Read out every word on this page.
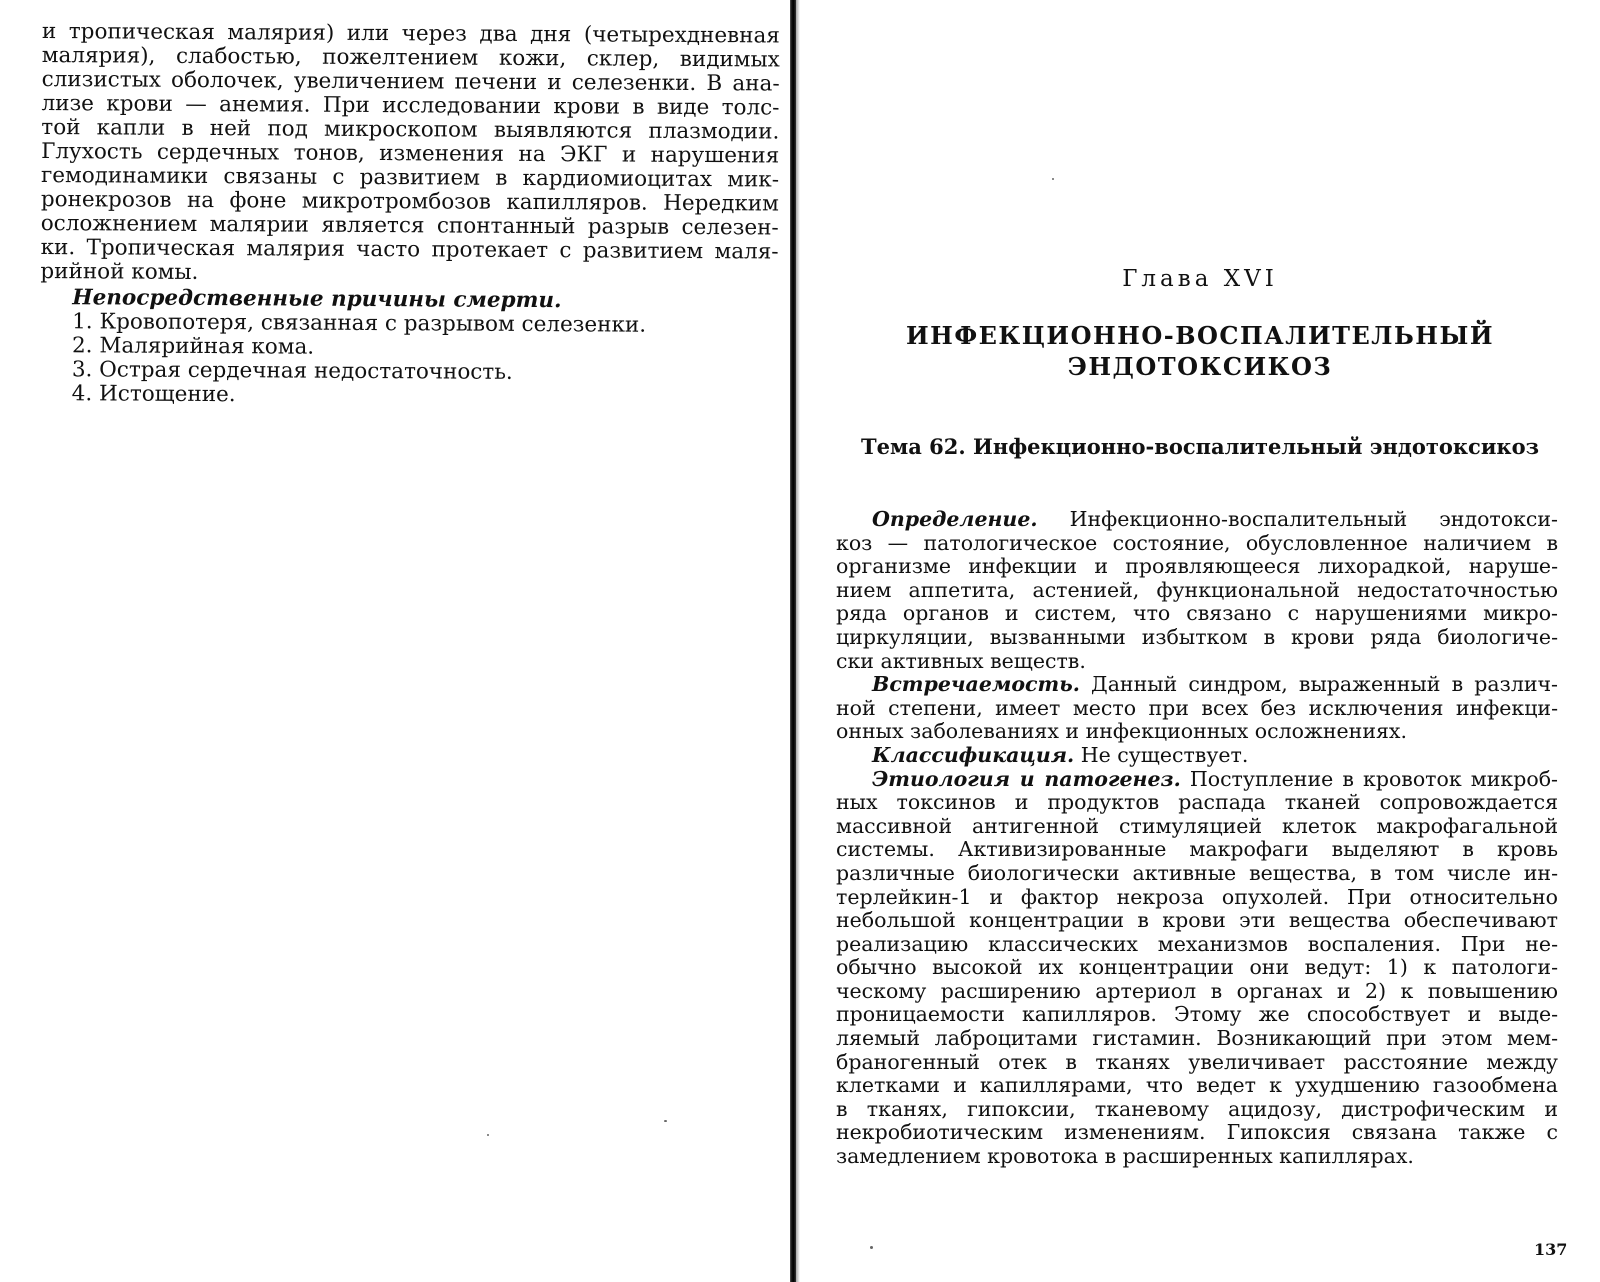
и тропическая малярия) или через два дня (четырехдневная
малярия), слабостью, пожелтением кожи, склер, видимых
слизистых оболочек, увеличением печени и селезенки. В ана-
лизе крови — анемия. При исследовании крови в виде толс-
той капли в ней под микроскопом выявляются плазмодии.
Глухость сердечных тонов, изменения на ЭКГ и нарушения
гемодинамики связаны с развитием в кардиомиоцитах мик-
ронекрозов на фоне микротромбозов капилляров. Нередким
осложнением малярии является спонтанный разрыв селезен-
ки. Тропическая малярия часто протекает с развитием маля-
рийной комы.
Непосредственные причины смерти.
1. Кровопотеря, связанная с разрывом селезенки.
2. Малярийная кома.
3. Острая сердечная недостаточность.
4. Истощение.
Глава XVI
ИНФЕКЦИОННО-ВОСПАЛИТЕЛЬНЫЙ
ЭНДОТОКСИКОЗ
Тема 62. Инфекционно-воспалительный эндотоксикоз
Определение. Инфекционно-воспалительный эндотокси-
коз — патологическое состояние, обусловленное наличием в
организме инфекции и проявляющееся лихорадкой, наруше-
нием аппетита, астенией, функциональной недостаточностью
ряда органов и систем, что связано с нарушениями микро-
циркуляции, вызванными избытком в крови ряда биологиче-
ски активных веществ.
Встречаемость. Данный синдром, выраженный в различ-
ной степени, имеет место при всех без исключения инфекци-
онных заболеваниях и инфекционных осложнениях.
Классификация. Не существует.
Этиология и патогенез. Поступление в кровоток микроб-
ных токсинов и продуктов распада тканей сопровождается
массивной антигенной стимуляцией клеток макрофагальной
системы. Активизированные макрофаги выделяют в кровь
различные биологически активные вещества, в том числе ин-
терлейкин-1 и фактор некроза опухолей. При относительно
небольшой концентрации в крови эти вещества обеспечивают
реализацию классических механизмов воспаления. При не-
обычно высокой их концентрации они ведут: 1) к патологи-
ческому расширению артериол в органах и 2) к повышению
проницаемости капилляров. Этому же способствует и выде-
ляемый лаброцитами гистамин. Возникающий при этом мем-
браногенный отек в тканях увеличивает расстояние между
клетками и капиллярами, что ведет к ухудшению газообмена
в тканях, гипоксии, тканевому ацидозу, дистрофическим и
некробиотическим изменениям. Гипоксия связана также с
замедлением кровотока в расширенных капиллярах.
137
